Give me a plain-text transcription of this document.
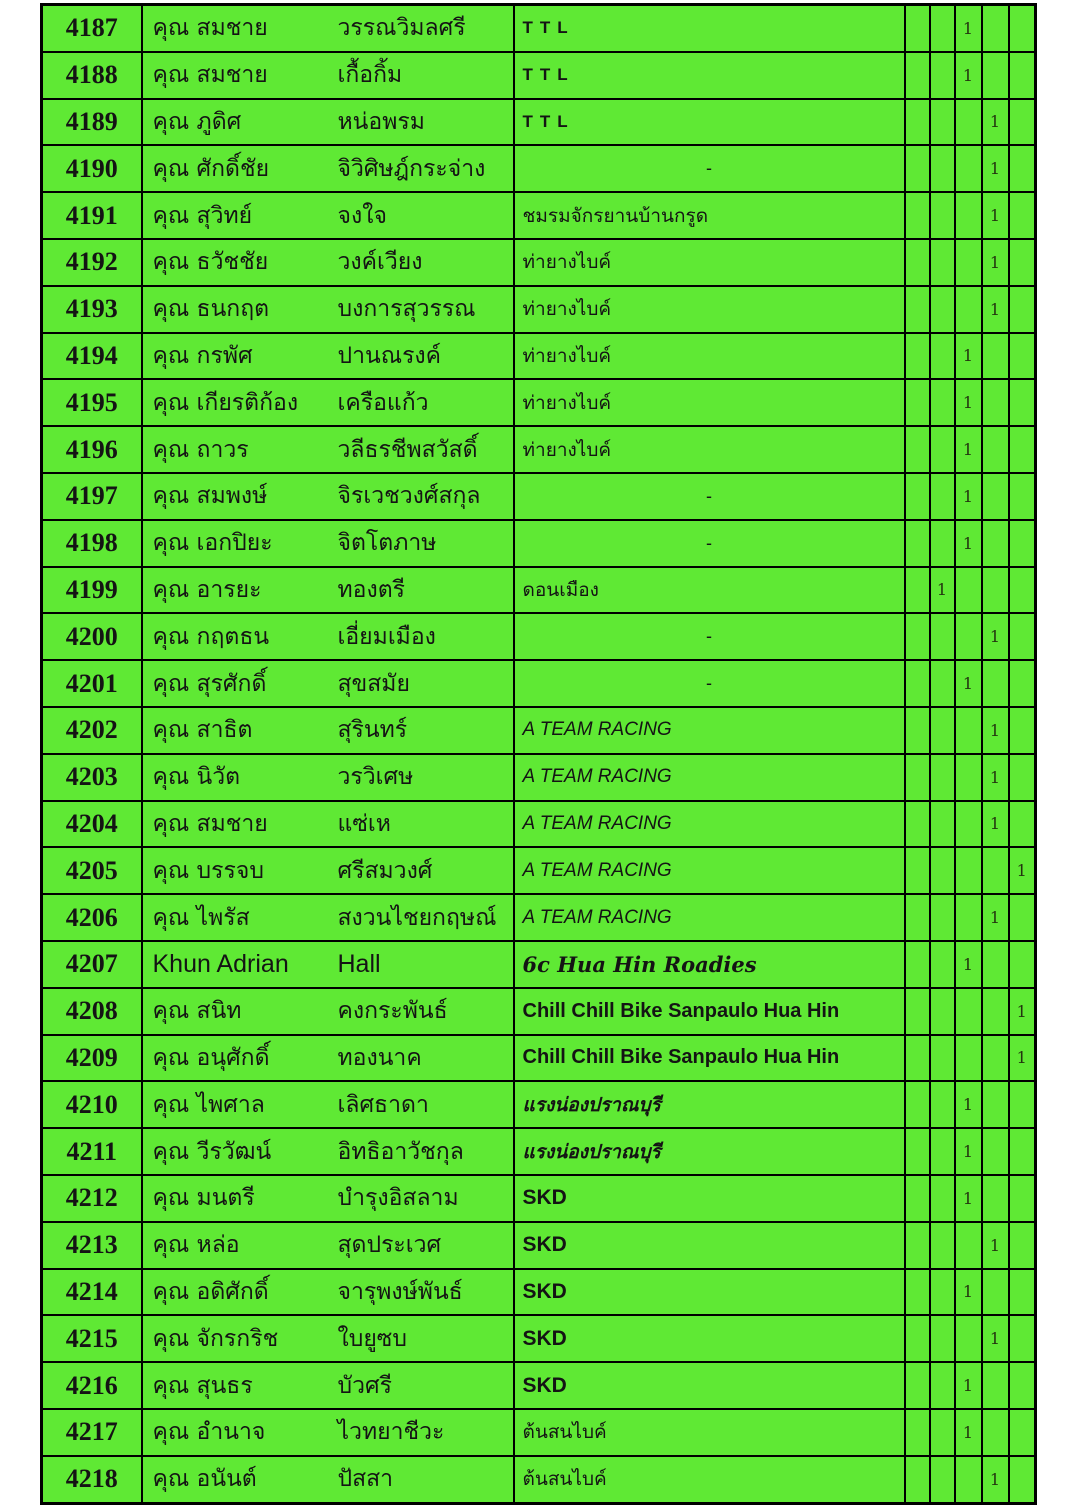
4187	คุณ สมชาย วรรณวิมลศรี	TTL			1		
4188	คุณ สมชาย เกื้อกิ้ม	TTL			1		
4189	คุณ ภูดิศ หน่อพรม	TTL				1	
4190	คุณ ศักดิ์ชัย จิวิศิษฎ์กระจ่าง	-				1	
4191	คุณ สุวิทย์ จงใจ	ชมรมจักรยานบ้านกรูด				1	
4192	คุณ ธวัชชัย วงค์เวียง	ท่ายางไบค์				1	
4193	คุณ ธนกฤต บงการสุวรรณ	ท่ายางไบค์				1	
4194	คุณ กรพัศ ปานณรงค์	ท่ายางไบค์			1		
4195	คุณ เกียรติก้อง เครือแก้ว	ท่ายางไบค์			1		
4196	คุณ ถาวร วลีธรชีพสวัสดิ์	ท่ายางไบค์			1		
4197	คุณ สมพงษ์ จิรเวชวงศ์สกุล	-			1		
4198	คุณ เอกปิยะ จิตโตภาษ	-			1		
4199	คุณ อารยะ ทองตรี	ดอนเมือง		1			
4200	คุณ กฤตธน เอี่ยมเมือง	-				1	
4201	คุณ สุรศักดิ์ สุขสมัย	-			1		
4202	คุณ สาธิต สุรินทร์	A TEAM RACING				1	
4203	คุณ นิวัต วรวิเศษ	A TEAM RACING				1	
4204	คุณ สมชาย แซ่เห	A TEAM RACING				1	
4205	คุณ บรรจบ ศรีสมวงศ์	A TEAM RACING					1
4206	คุณ ไพรัส สงวนไชยกฤษณ์	A TEAM RACING				1	
4207	Khun Adrian Hall	6c Hua Hin Roadies			1		
4208	คุณ สนิท คงกระพันธ์	Chill Chill Bike Sanpaulo Hua Hin					1
4209	คุณ อนุศักดิ์ ทองนาค	Chill Chill Bike Sanpaulo Hua Hin					1
4210	คุณ ไพศาล เลิศธาดา	แรงน่องปราณบุรี			1		
4211	คุณ วีรวัฒน์ อิทธิอาวัชกุล	แรงน่องปราณบุรี			1		
4212	คุณ มนตรี บำรุงอิสลาม	SKD			1		
4213	คุณ หล่อ สุดประเวศ	SKD				1	
4214	คุณ อดิศักดิ์ จารุพงษ์พันธ์	SKD			1		
4215	คุณ จักรกริช ใบยูซบ	SKD				1	
4216	คุณ สุนธร บัวศรี	SKD			1		
4217	คุณ อำนาจ ไวทยาชีวะ	ต้นสนไบค์			1		
4218	คุณ อนันต์ ปัสสา	ต้นสนไบค์				1	
